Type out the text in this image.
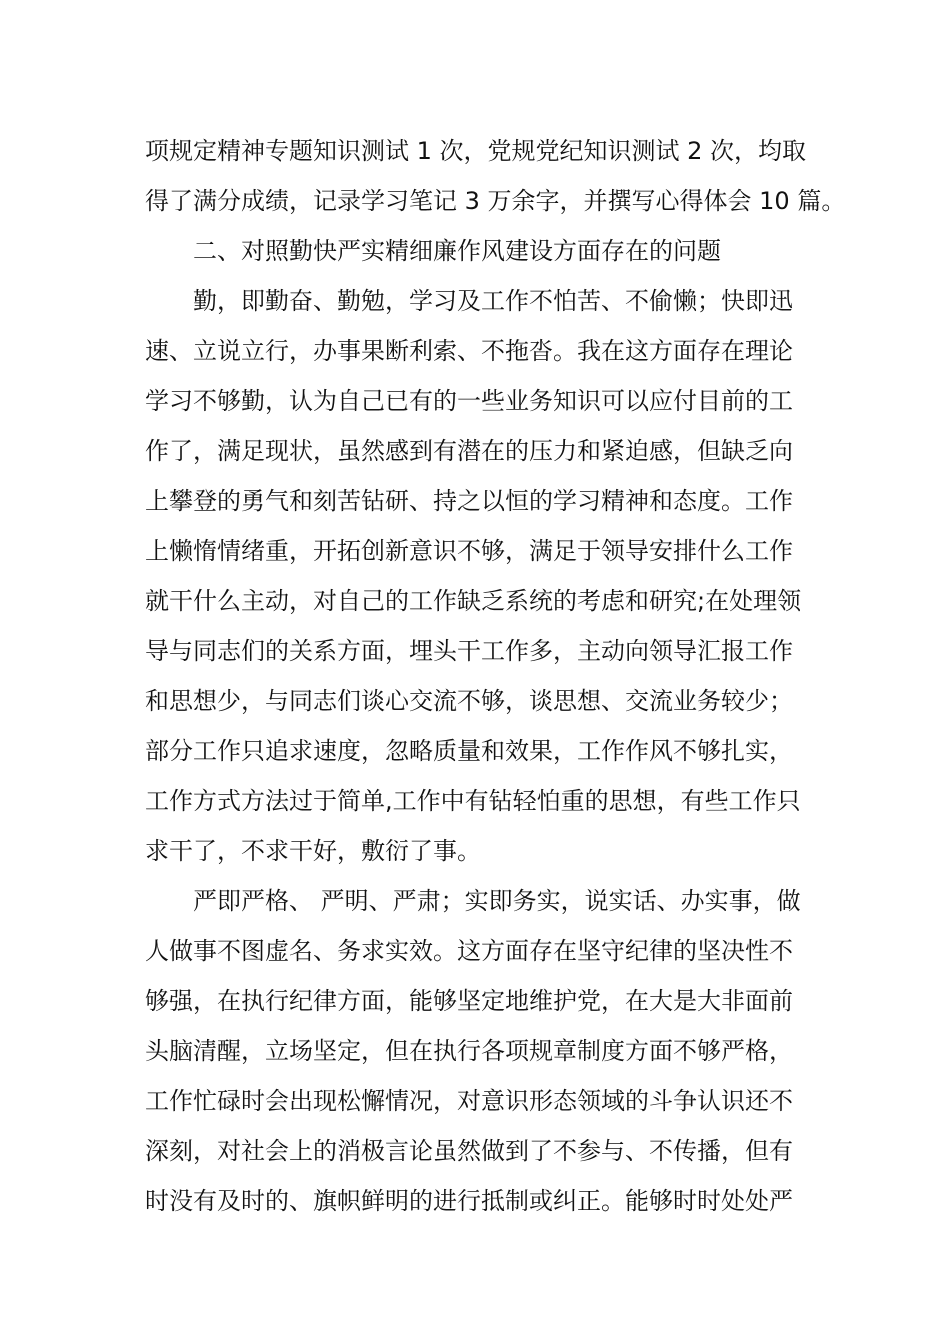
项规定精神专题知识测试 1 次，党规党纪知识测试 2 次，均取
得了满分成绩，记录学习笔记 3 万余字，并撰写心得体会 10 篇。
二、对照勤快严实精细廉作风建设方面存在的问题
勤，即勤奋、勤勉，学习及工作不怕苦、不偷懒；快即迅
速、立说立行，办事果断利索、不拖沓。我在这方面存在理论
学习不够勤，认为自己已有的一些业务知识可以应付目前的工
作了，满足现状，虽然感到有潜在的压力和紧迫感，但缺乏向
上攀登的勇气和刻苦钻研、持之以恒的学习精神和态度。工作
上懒惰情绪重，开拓创新意识不够，满足于领导安排什么工作
就干什么主动，对自己的工作缺乏系统的考虑和研究;在处理领
导与同志们的关系方面，埋头干工作多，主动向领导汇报工作
和思想少，与同志们谈心交流不够，谈思想、交流业务较少；
部分工作只追求速度，忽略质量和效果，工作作风不够扎实，
工作方式方法过于简单,工作中有钻轻怕重的思想，有些工作只
求干了，不求干好，敷衍了事。
严即严格、 严明、严肃；实即务实，说实话、办实事，做
人做事不图虚名、务求实效。这方面存在坚守纪律的坚决性不
够强，在执行纪律方面，能够坚定地维护党，在大是大非面前
头脑清醒，立场坚定，但在执行各项规章制度方面不够严格，
工作忙碌时会出现松懈情况，对意识形态领域的斗争认识还不
深刻，对社会上的消极言论虽然做到了不参与、不传播，但有
时没有及时的、旗帜鲜明的进行抵制或纠正。能够时时处处严
